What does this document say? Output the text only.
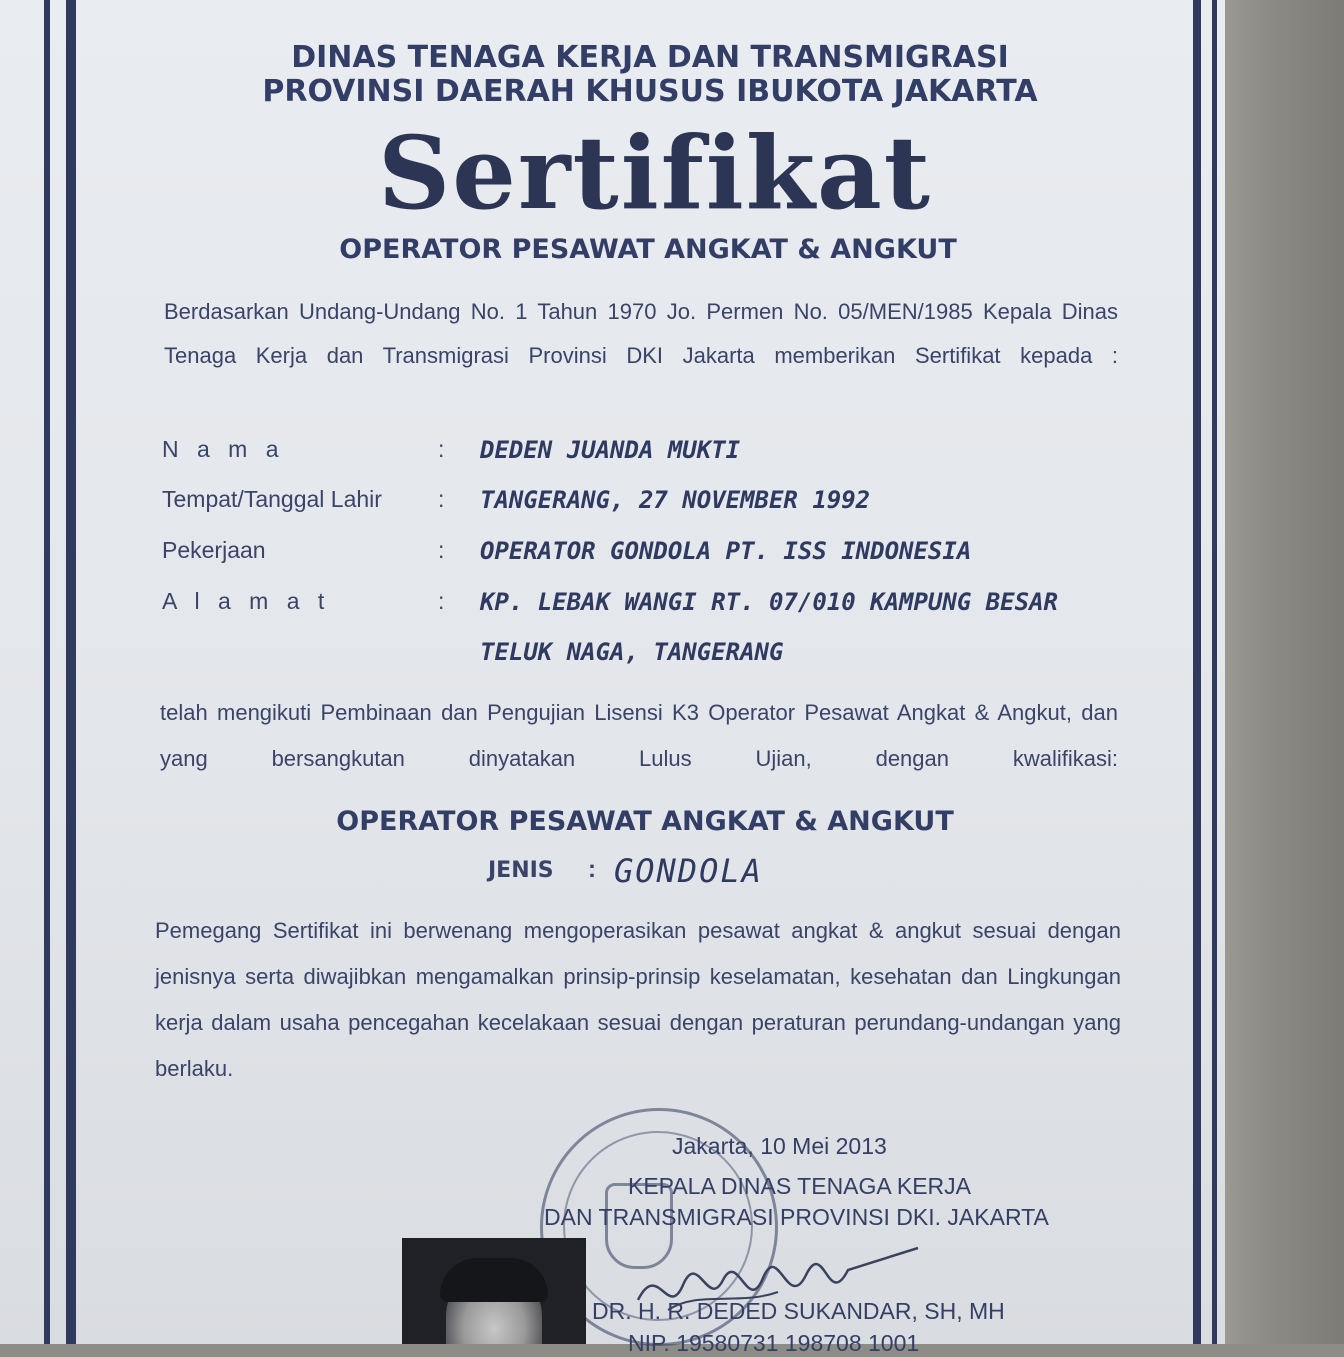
DINAS TENAGA KERJA DAN TRANSMIGRASI
PROVINSI DAERAH KHUSUS IBUKOTA JAKARTA
Sertifikat
OPERATOR PESAWAT ANGKAT & ANGKUT
Berdasarkan Undang-Undang No. 1 Tahun 1970 Jo. Permen No. 05/MEN/1985 Kepala Dinas Tenaga Kerja dan Transmigrasi Provinsi DKI Jakarta memberikan Sertifikat kepada :
N a m a	: DEDEN JUANDA MUKTI
Tempat/Tanggal Lahir : TANGERANG, 27 NOVEMBER 1992
Pekerjaan	: OPERATOR GONDOLA PT. ISS INDONESIA
A l a m a t	: KP. LEBAK WANGI RT. 07/010 KAMPUNG BESAR
TELUK NAGA, TANGERANG
telah mengikuti Pembinaan dan Pengujian Lisensi K3 Operator Pesawat Angkat & Angkut, dan yang bersangkutan dinyatakan Lulus Ujian, dengan kwalifikasi:
OPERATOR PESAWAT ANGKAT & ANGKUT
JENIS : GONDOLA
Pemegang Sertifikat ini berwenang mengoperasikan pesawat angkat & angkut sesuai dengan jenisnya serta diwajibkan mengamalkan prinsip-prinsip keselamatan, kesehatan dan Lingkungan kerja dalam usaha pencegahan kecelakaan sesuai dengan peraturan perundang-undangan yang berlaku.
Jakarta, 10 Mei 2013
KEPALA DINAS TENAGA KERJA
DAN TRANSMIGRASI PROVINSI DKI. JAKARTA
DR. H. R. DEDED SUKANDAR, SH, MH
NIP. 19580731 198708 1001
